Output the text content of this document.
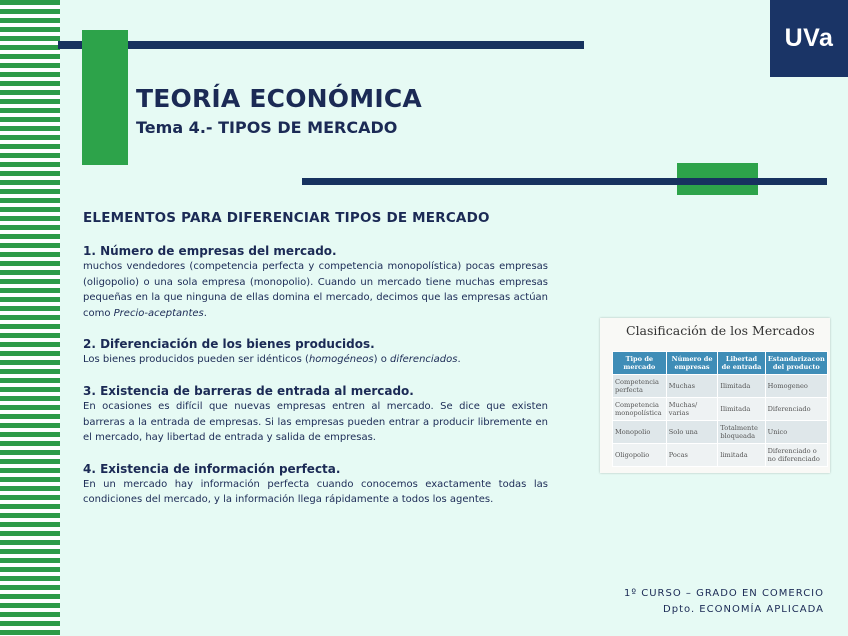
UVa
TEORÍA ECONÓMICA
Tema 4.- TIPOS DE MERCADO
ELEMENTOS PARA DIFERENCIAR TIPOS DE MERCADO
1. Número de empresas del mercado.
muchos vendedores (competencia perfecta y competencia monopolística) pocas empresas (oligopolio) o una sola empresa (monopolio). Cuando un mercado tiene muchas empresas pequeñas en la que ninguna de ellas domina el mercado, decimos que las empresas actúan como Precio-aceptantes.
2. Diferenciación de los bienes producidos.
Los bienes producidos pueden ser idénticos (homogéneos) o diferenciados.
3. Existencia de barreras de entrada al mercado.
En ocasiones es difícil que nuevas empresas entren al mercado. Se dice que existen barreras a la entrada de empresas. Si las empresas pueden entrar a producir libremente en el mercado, hay libertad de entrada y salida de empresas.
4. Existencia de información perfecta.
En un mercado hay información perfecta cuando conocemos exactamente todas las condiciones del mercado, y la información llega rápidamente a todos los agentes.
Clasificación de los Mercados
Tipo de mercado	Número de empresas	Libertad de entrada	Estandarizacon del producto
Competencia perfecta	Muchas	Ilimitada	Homogeneo
Competencia monopolística	Muchas/ varias	Ilimitada	Diferenciado
Monopolio	Solo una	Totalmente bloqueada	Unico
Oligopolio	Pocas	limitada	Diferenciado o no diferenciado
1º CURSO – GRADO EN COMERCIO
Dpto. ECONOMÍA APLICADA
